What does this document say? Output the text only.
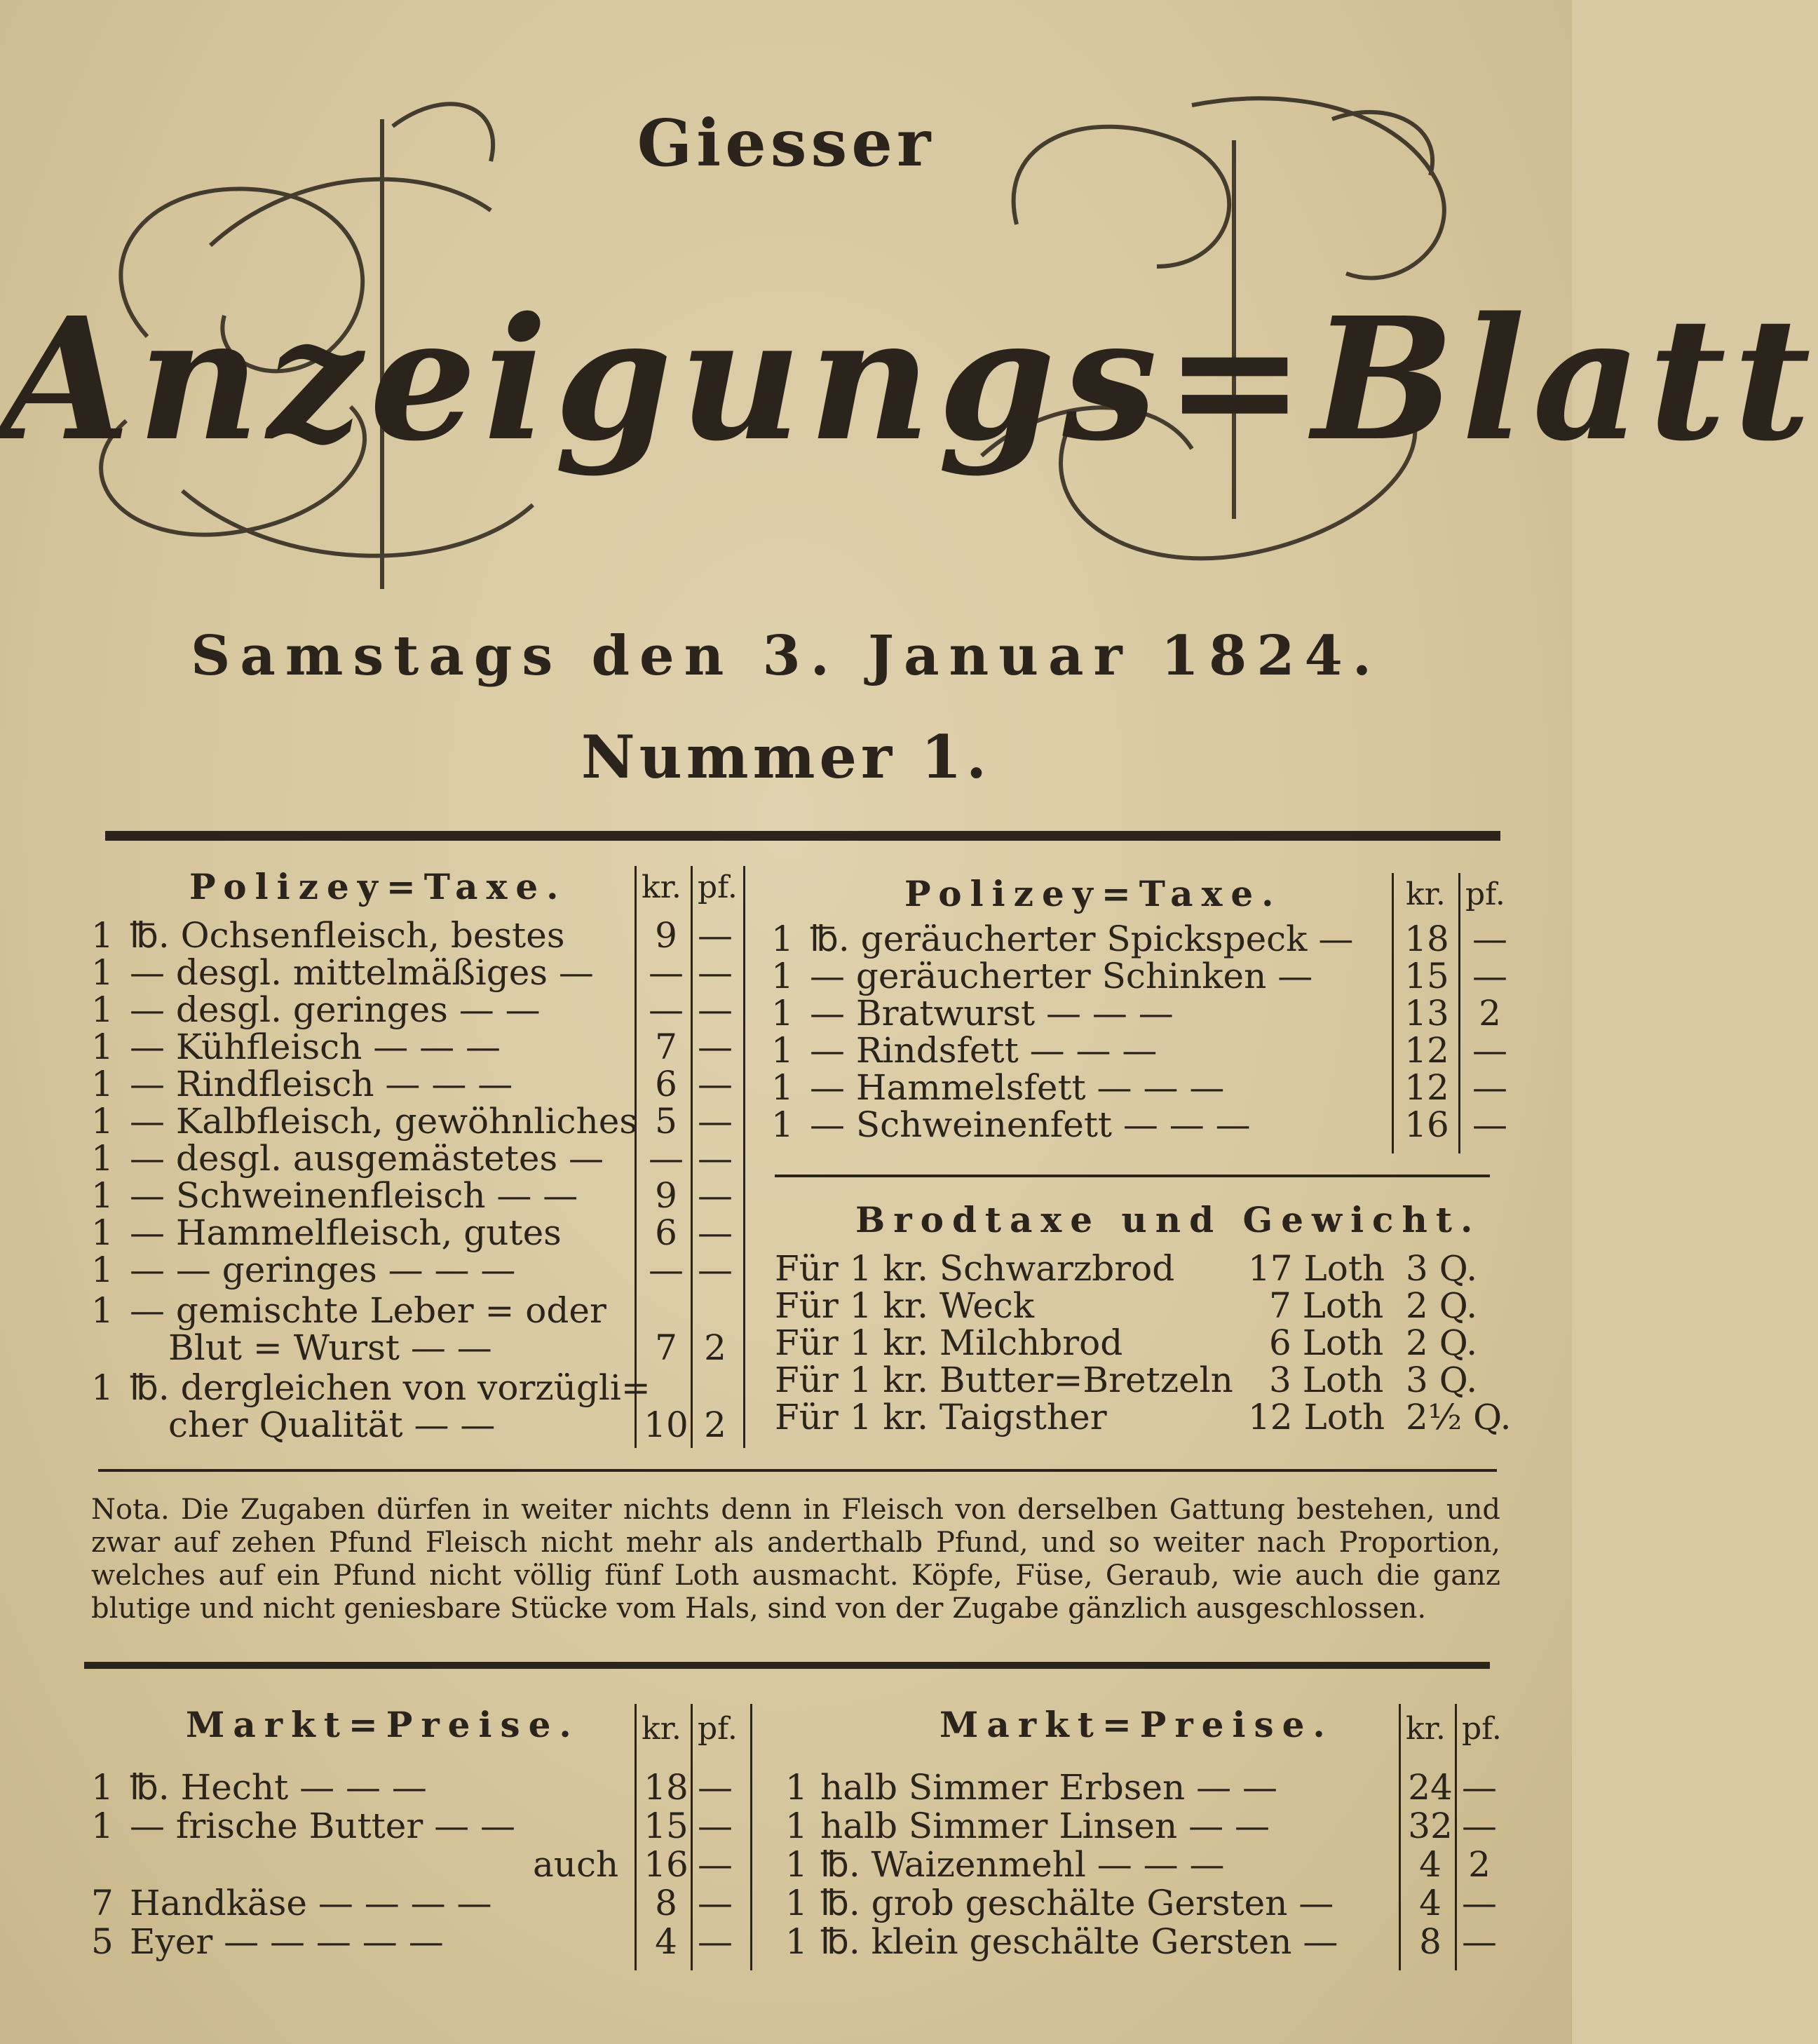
Giesser
Anzeigungs=Blatt
Samstags den 3. Januar 1824.
Nummer 1.
Polizey=Taxe. kr. pf.
1 ℔. Ochsenfleisch, bestes	9 —
1 — desgl. mittelmäßiges —	— —
1 — desgl. geringes — —	— —
1 — Kühfleisch — — —	7 —
1 — Rindfleisch — — —	6 —
1 — Kalbfleisch, gewöhnliches 5 —
1 — desgl. ausgemästetes —	— —
1 — Schweinenfleisch — —	9 —
1 — Hammelfleisch, gutes	6 —
1 — — geringes — — —	— —
1 — gemischte Leber = oder
Blut = Wurst — —	7 2
1 ℔. dergleichen von vorzügli=
cher Qualität — —	10 2
Polizey=Taxe.	kr. pf.
1 ℔. geräucherter Spickspeck — 18 —
1 — geräucherter Schinken —	15 —
1 — Bratwurst — — —	13 2
1 — Rindsfett — — —	12 —
1 — Hammelsfett — — —	12 —
1 — Schweinenfett — — —	16 —
Brodtaxe und Gewicht.
Für 1 kr. Schwarzbrod 17 Loth 3 Q.
Für 1 kr. Weck	7 Loth 2 Q.
Für 1 kr. Milchbrod	6 Loth 2 Q.
Für 1 kr. Butter=Bretzeln 3 Loth 3 Q.
Für 1 kr. Taigsther	12 Loth 2½ Q.
Nota. Die Zugaben dürfen in weiter nichts denn in Fleisch von derselben Gattung bestehen, und zwar auf zehen Pfund Fleisch nicht mehr als anderthalb Pfund, und so weiter nach Proportion, welches auf ein Pfund nicht völlig fünf Loth ausmacht. Köpfe, Füse, Geraub, wie auch die ganz blutige und nicht geniesbare Stücke vom Hals, sind von der Zugabe gänzlich ausgeschlossen.
Markt=Preise. kr. pf.
1 ℔. Hecht — — —	18 —
1 — frische Butter — —	15 —
auch 16 —
7 Handkäse — — — —	8 —
5 Eyer — — — — —	4 —
Markt=Preise. kr. pf.
1 halb Simmer Erbsen — —	24 —
1 halb Simmer Linsen — —	32 —
1 ℔. Waizenmehl — — —	4 2
1 ℔. grob geschälte Gersten —	4 —
1 ℔. klein geschälte Gersten —	8 —
